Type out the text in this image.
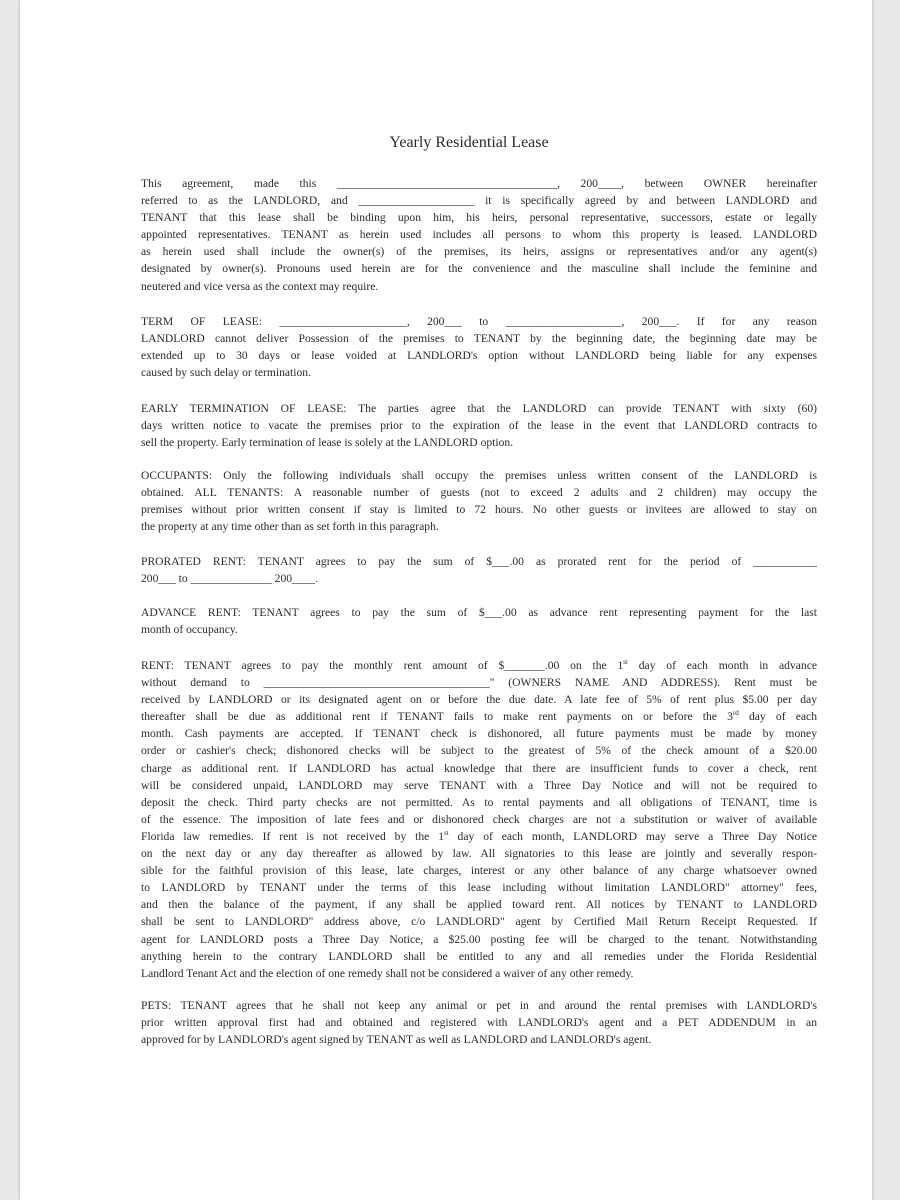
Yearly Residential Lease

This agreement, made this ______________________________________, 200____, between OWNER hereinafter
referred to as the LANDLORD, and ____________________ it is specifically agreed by and between LANDLORD and
TENANT that this lease shall be binding upon him, his heirs, personal representative, successors, estate or legally
appointed representatives. TENANT as herein used includes all persons to whom this property is leased. LANDLORD
as herein used shall include the owner(s) of the premises, its heirs, assigns or representatives and/or any agent(s)
designated by owner(s). Pronouns used herein are for the convenience and the masculine shall include the feminine and
neutered and vice versa as the context may require.

TERM OF LEASE: ______________________, 200___ to ____________________, 200___. If for any reason
LANDLORD cannot deliver Possession of the premises to TENANT by the beginning date, the beginning date may be
extended up to 30 days or lease voided at LANDLORD's option without LANDLORD being liable for any expenses
caused by such delay or termination.

EARLY TERMINATION OF LEASE: The parties agree that the LANDLORD can provide TENANT with sixty (60)
days written notice to vacate the premises prior to the expiration of the lease in the event that LANDLORD contracts to
sell the property. Early termination of lease is solely at the LANDLORD option.

OCCUPANTS: Only the following individuals shall occupy the premises unless written consent of the LANDLORD is
obtained. ALL TENANTS: A reasonable number of guests (not to exceed 2 adults and 2 children) may occupy the
premises without prior written consent if stay is limited to 72 hours. No other guests or invitees are allowed to stay on
the property at any time other than as set forth in this paragraph.

PRORATED RENT: TENANT agrees to pay the sum of $___.00 as prorated rent for the period of ___________
200___ to ______________ 200____.

ADVANCE RENT: TENANT agrees to pay the sum of $___.00 as advance rent representing payment for the last
month of occupancy.

RENT: TENANT agrees to pay the monthly rent amount of $_______.00 on the 1st day of each month in advance
without demand to _______________________________________" (OWNERS NAME AND ADDRESS). Rent must be
received by LANDLORD or its designated agent on or before the due date. A late fee of 5% of rent plus $5.00 per day
thereafter shall be due as additional rent if TENANT fails to make rent payments on or before the 3rd day of each
month. Cash payments are accepted. If TENANT check is dishonored, all future payments must be made by money
order or cashier's check; dishonored checks will be subject to the greatest of 5% of the check amount of a $20.00
charge as additional rent. If LANDLORD has actual knowledge that there are insufficient funds to cover a check, rent
will be considered unpaid, LANDLORD may serve TENANT with a Three Day Notice and will not be required to
deposit the check. Third party checks are not permitted. As to rental payments and all obligations of TENANT, time is
of the essence. The imposition of late fees and or dishonored check charges are not a substitution or waiver of available
Florida law remedies. If rent is not received by the 1st day of each month, LANDLORD may serve a Three Day Notice
on the next day or any day thereafter as allowed by law. All signatories to this lease are jointly and severally respon-
sible for the faithful provision of this lease, late charges, interest or any other balance of any charge whatsoever owned
to LANDLORD by TENANT under the terms of this lease including without limitation LANDLORD" attorney" fees,
and then the balance of the payment, if any shall be applied toward rent. All notices by TENANT to LANDLORD
shall be sent to LANDLORD" address above, c/o LANDLORD" agent by Certified Mail Return Receipt Requested. If
agent for LANDLORD posts a Three Day Notice, a $25.00 posting fee will be charged to the tenant. Notwithstanding
anything herein to the contrary LANDLORD shall be entitled to any and all remedies under the Florida Residential
Landlord Tenant Act and the election of one remedy shall not be considered a waiver of any other remedy.

PETS: TENANT agrees that he shall not keep any animal or pet in and around the rental premises with LANDLORD's
prior written approval first had and obtained and registered with LANDLORD's agent and a PET ADDENDUM in an
approved for by LANDLORD's agent signed by TENANT as well as LANDLORD and LANDLORD's agent.
